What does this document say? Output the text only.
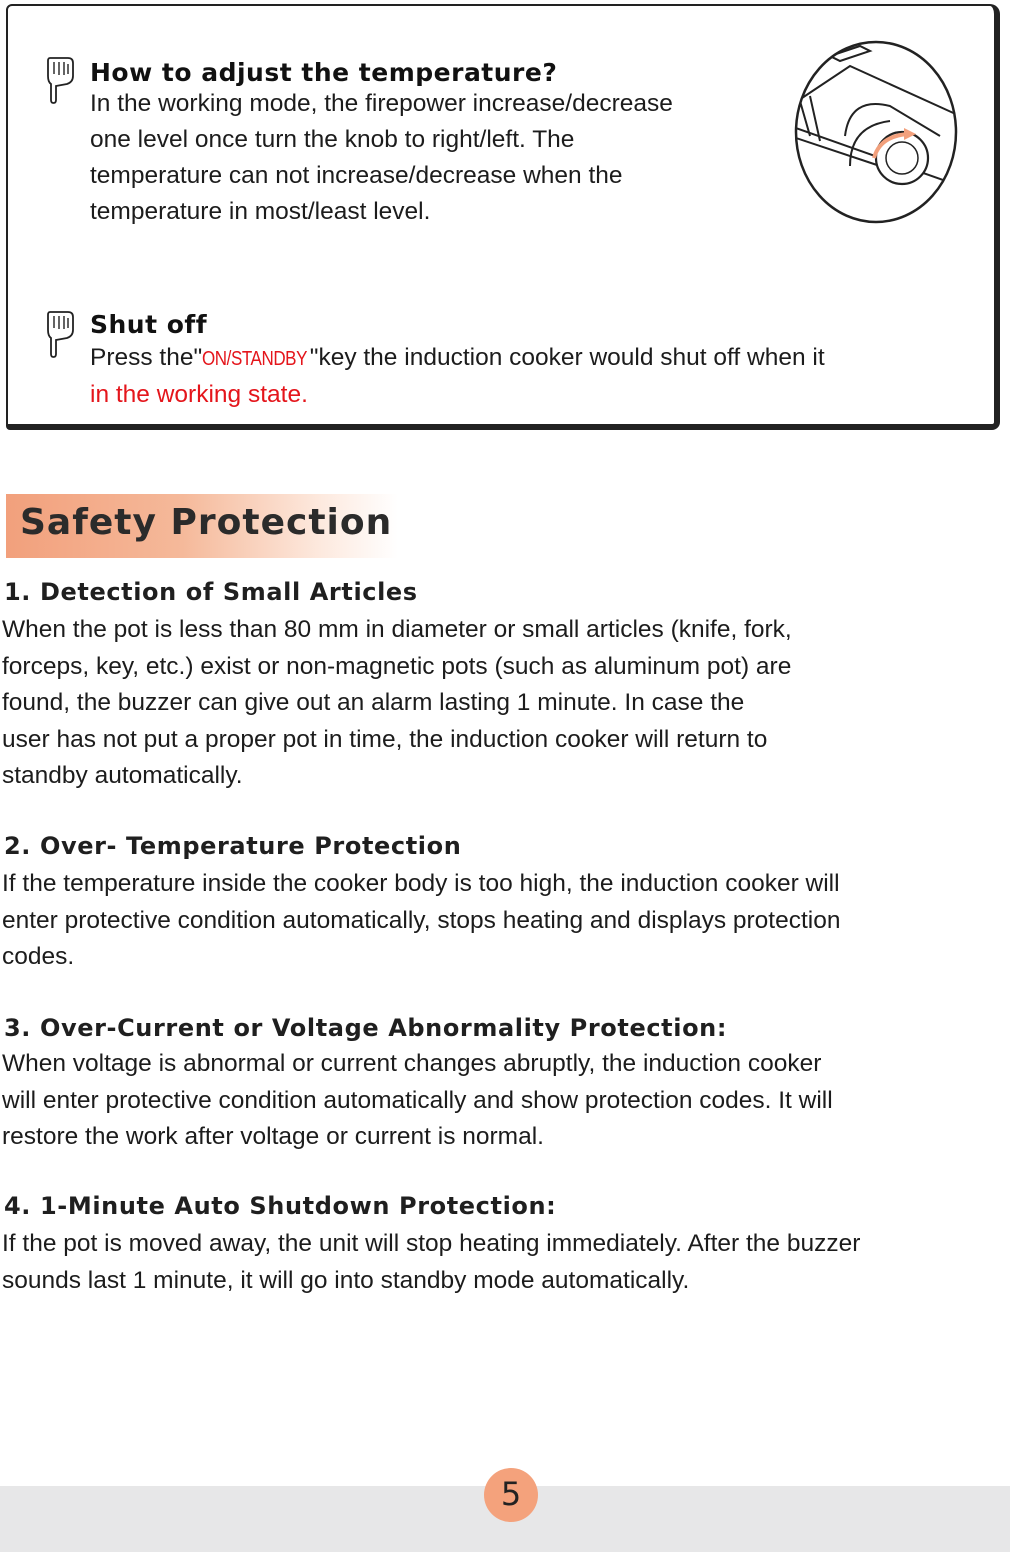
How to adjust the temperature?
In the working mode, the firepower increase/decrease
one level once turn the knob to right/left. The
temperature can not increase/decrease when the
temperature in most/least level.
Shut off
Press the"ON/STANDBY "key the induction cooker would shut off when it
in the working state.
Safety Protection
1. Detection of Small Articles
When the pot is less than 80 mm in diameter or small articles (knife, fork,
forceps, key, etc.) exist or non-magnetic pots (such as aluminum pot) are
found, the buzzer can give out an alarm lasting 1 minute. In case the
user has not put a proper pot in time, the induction cooker will return to
standby automatically.
2. Over- Temperature Protection
If the temperature inside the cooker body is too high, the induction cooker will
enter protective condition automatically, stops heating and displays protection
codes.
3. Over-Current or Voltage Abnormality Protection:
When voltage is abnormal or current changes abruptly, the induction cooker
will enter protective condition automatically and show protection codes. It will
restore the work after voltage or current is normal.
4. 1-Minute Auto Shutdown Protection:
If the pot is moved away, the unit will stop heating immediately. After the buzzer
sounds last 1 minute, it will go into standby mode automatically.
5
